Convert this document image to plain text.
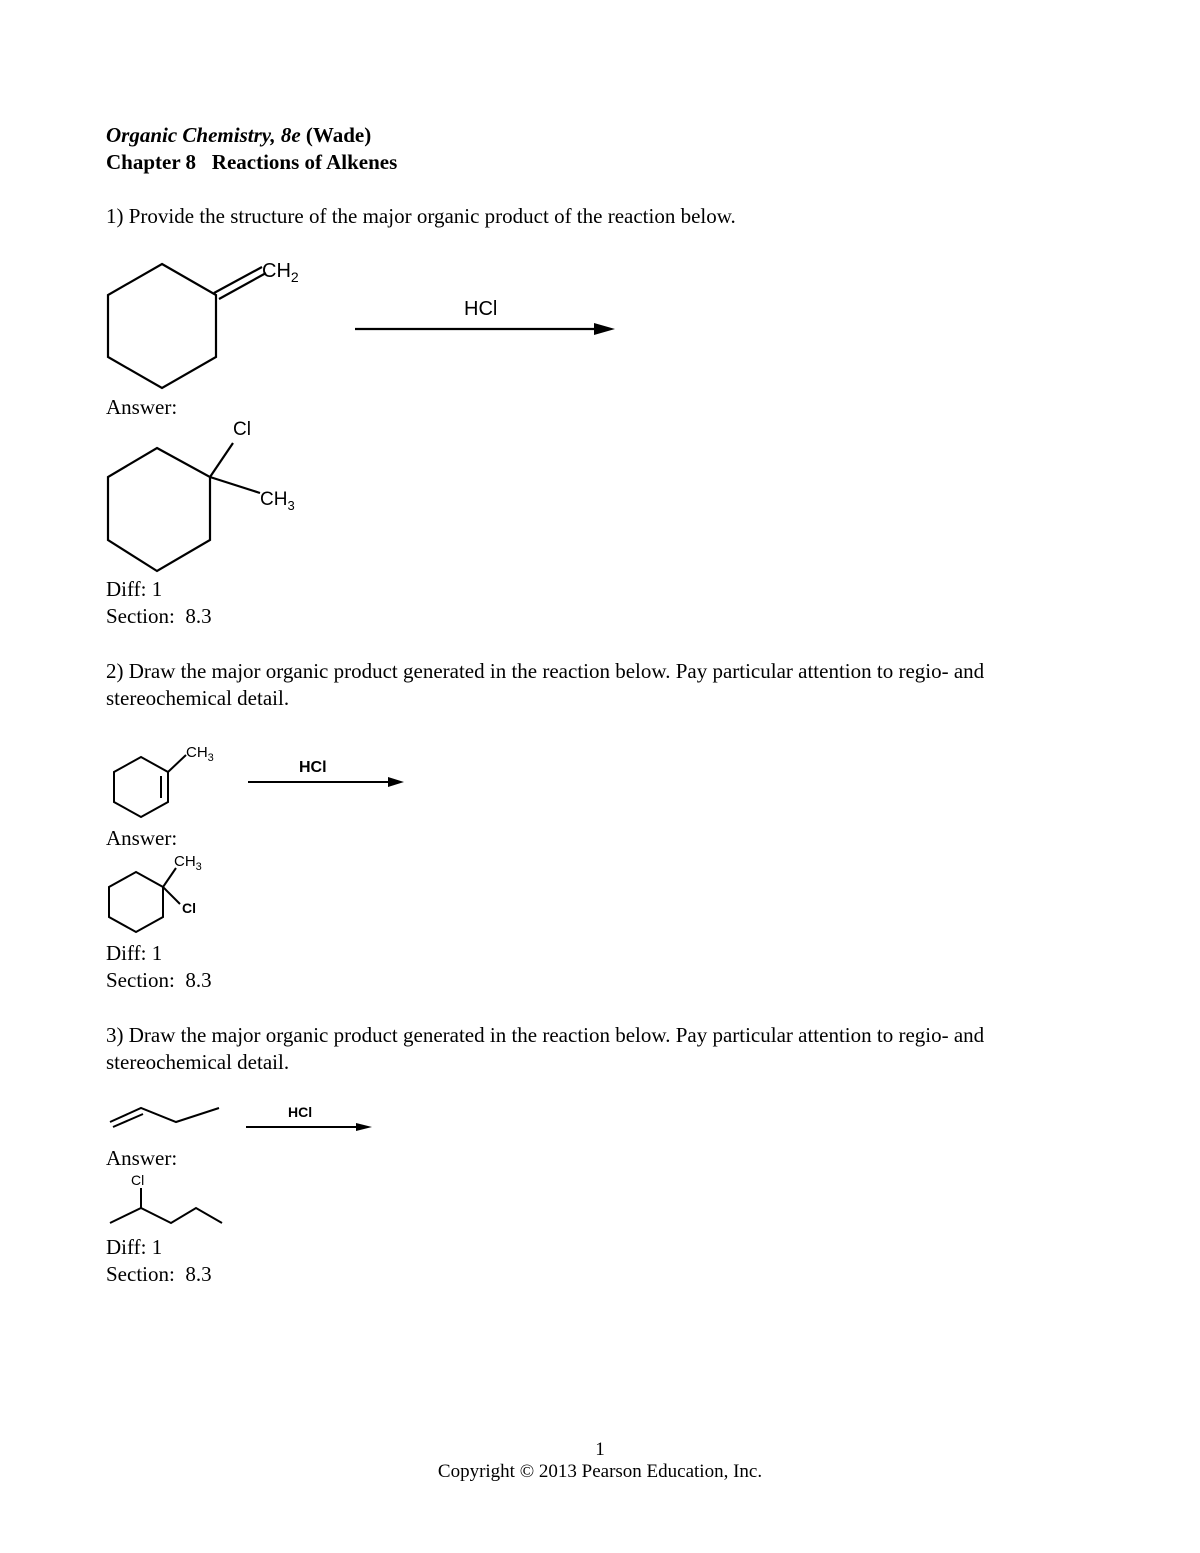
Organic Chemistry, 8e (Wade)
Chapter 8   Reactions of Alkenes
1) Provide the structure of the major organic product of the reaction below.
$CH_2$
HCl
Answer:
Cl
$CH_3$
Diff: 1
Section:  8.3
2) Draw the major organic product generated in the reaction below. Pay particular attention to regio- and
stereochemical detail.
$CH_3$
HCl
Answer:
$CH_3$
Cl
Diff: 1
Section:  8.3
3) Draw the major organic product generated in the reaction below. Pay particular attention to regio- and
stereochemical detail.
HCl
Answer:
Cl
Diff: 1
Section:  8.3
1
Copyright © 2013 Pearson Education, Inc.
